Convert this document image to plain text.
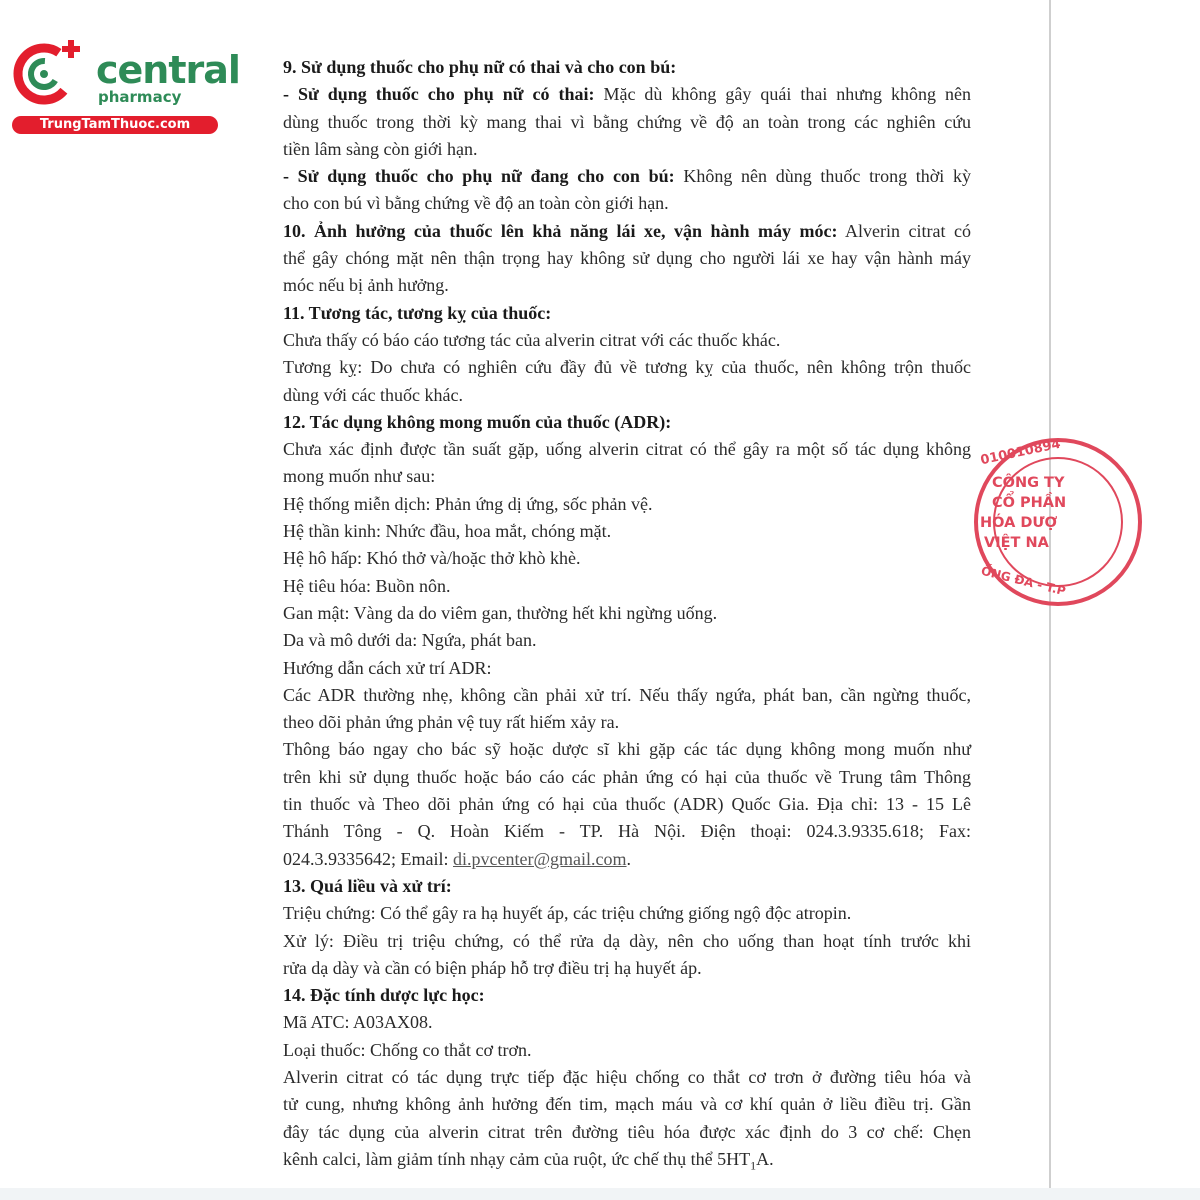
central
pharmacy
TrungTamThuoc.com
9. Sử dụng thuốc cho phụ nữ có thai và cho con bú:
- Sử dụng thuốc cho phụ nữ có thai: Mặc dù không gây quái thai nhưng không nên
dùng thuốc trong thời kỳ mang thai vì bằng chứng về độ an toàn trong các nghiên cứu
tiền lâm sàng còn giới hạn.
- Sử dụng thuốc cho phụ nữ đang cho con bú: Không nên dùng thuốc trong thời kỳ
cho con bú vì bằng chứng về độ an toàn còn giới hạn.
10. Ảnh hưởng của thuốc lên khả năng lái xe, vận hành máy móc: Alverin citrat có
thể gây chóng mặt nên thận trọng hay không sử dụng cho người lái xe hay vận hành máy
móc nếu bị ảnh hưởng.
11. Tương tác, tương kỵ của thuốc:
Chưa thấy có báo cáo tương tác của alverin citrat với các thuốc khác.
Tương kỵ: Do chưa có nghiên cứu đầy đủ về tương kỵ của thuốc, nên không trộn thuốc
dùng với các thuốc khác.
12. Tác dụng không mong muốn của thuốc (ADR):
Chưa xác định được tần suất gặp, uống alverin citrat có thể gây ra một số tác dụng không
mong muốn như sau:
Hệ thống miễn dịch: Phản ứng dị ứng, sốc phản vệ.
Hệ thần kinh: Nhức đầu, hoa mắt, chóng mặt.
Hệ hô hấp: Khó thở và/hoặc thở khò khè.
Hệ tiêu hóa: Buồn nôn.
Gan mật: Vàng da do viêm gan, thường hết khi ngừng uống.
Da và mô dưới da: Ngứa, phát ban.
Hướng dẫn cách xử trí ADR:
Các ADR thường nhẹ, không cần phải xử trí. Nếu thấy ngứa, phát ban, cần ngừng thuốc,
theo dõi phản ứng phản vệ tuy rất hiếm xảy ra.
Thông báo ngay cho bác sỹ hoặc dược sĩ khi gặp các tác dụng không mong muốn như
trên khi sử dụng thuốc hoặc báo cáo các phản ứng có hại của thuốc về Trung tâm Thông
tin thuốc và Theo dõi phản ứng có hại của thuốc (ADR) Quốc Gia. Địa chỉ: 13 - 15 Lê
Thánh Tông - Q. Hoàn Kiếm - TP. Hà Nội. Điện thoại: 024.3.9335.618; Fax:
024.3.9335642; Email: di.pvcenter@gmail.com.
13. Quá liều và xử trí:
Triệu chứng: Có thể gây ra hạ huyết áp, các triệu chứng giống ngộ độc atropin.
Xử lý: Điều trị triệu chứng, có thể rửa dạ dày, nên cho uống than hoạt tính trước khi
rửa dạ dày và cần có biện pháp hỗ trợ điều trị hạ huyết áp.
14. Đặc tính dược lực học:
Mã ATC: A03AX08.
Loại thuốc: Chống co thắt cơ trơn.
Alverin citrat có tác dụng trực tiếp đặc hiệu chống co thắt cơ trơn ở đường tiêu hóa và
tử cung, nhưng không ảnh hưởng đến tim, mạch máu và cơ khí quản ở liều điều trị. Gần
đây tác dụng của alverin citrat trên đường tiêu hóa được xác định do 3 cơ chế: Chẹn
kênh calci, làm giảm tính nhạy cảm của ruột, ức chế thụ thể $5HT_1A$.
010010894
CÔNG TY
CỔ PHẦN
HÓA DƯỢ
VIỆT NA
ỐNG ĐA - T.P
